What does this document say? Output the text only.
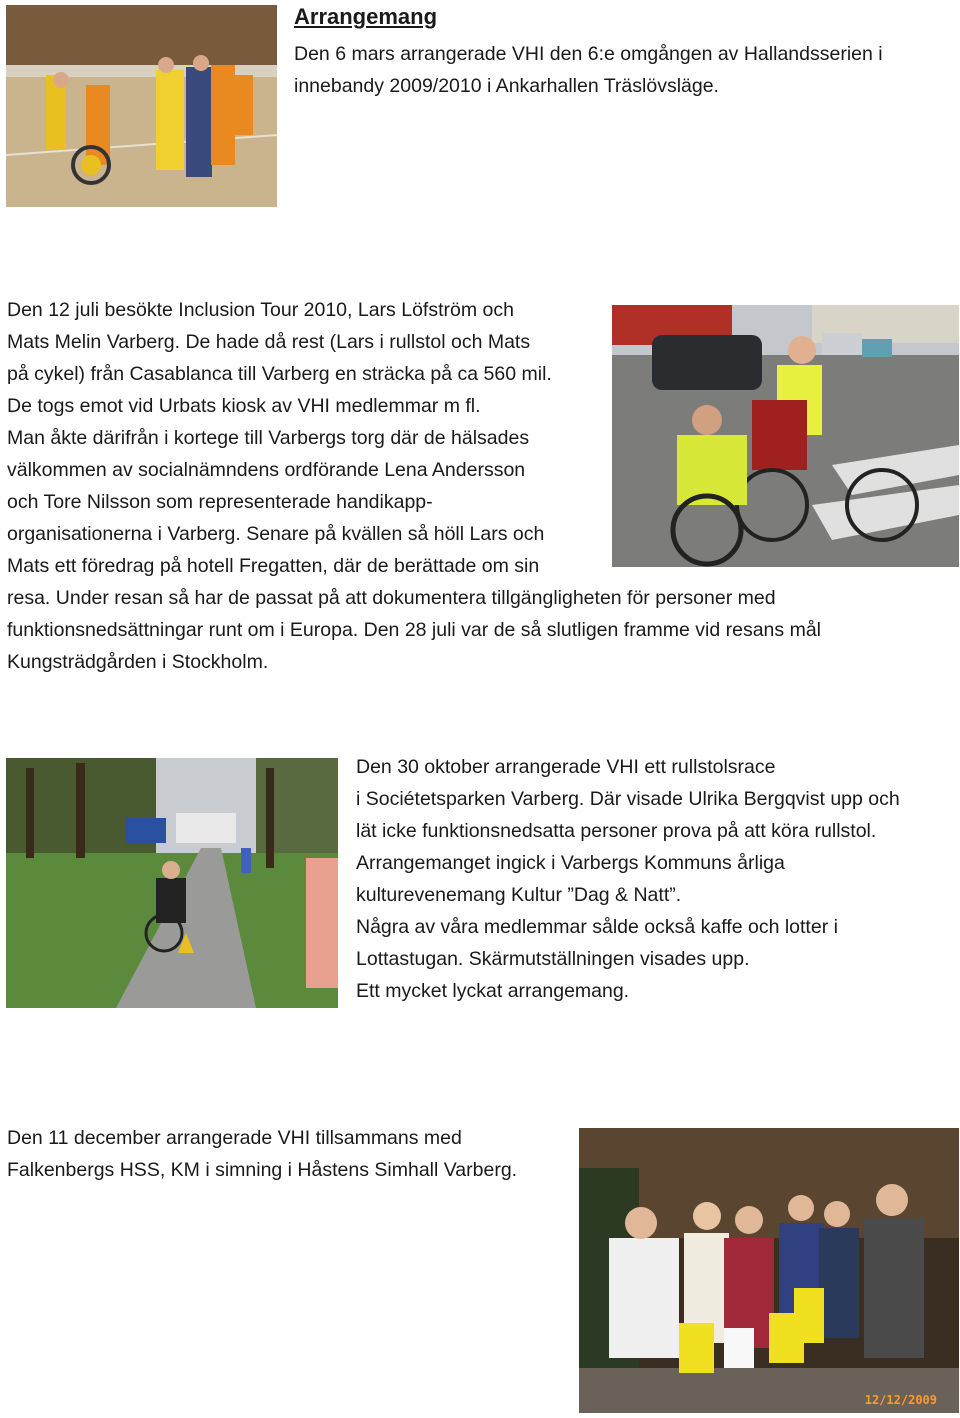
Arrangemang
Den 6 mars arrangerade VHI den 6:e omgången av Hallandsserien i
innebandy 2009/2010 i Ankarhallen Träslövsläge.
Den 12 juli besökte Inclusion Tour 2010, Lars Löfström och
Mats Melin Varberg. De hade då rest (Lars i rullstol och Mats
på cykel) från Casablanca till Varberg en sträcka på ca 560 mil.
De togs emot vid Urbats kiosk av VHI medlemmar m fl.
Man åkte därifrån i kortege till Varbergs torg där de hälsades
välkommen av socialnämndens ordförande Lena Andersson
och Tore Nilsson som representerade handikapp-
organisationerna i Varberg. Senare på kvällen så höll Lars och
Mats ett föredrag på hotell Fregatten, där de berättade om sin
resa. Under resan så har de passat på att dokumentera tillgängligheten för personer med
funktionsnedsättningar runt om i Europa. Den 28 juli var de så slutligen framme vid resans mål
Kungsträdgården i Stockholm.
Den 30 oktober arrangerade VHI ett rullstolsrace
i Sociétetsparken Varberg. Där visade Ulrika Bergqvist upp och
lät icke funktionsnedsatta personer prova på att köra rullstol.
Arrangemanget ingick i Varbergs Kommuns årliga
kulturevenemang Kultur ”Dag & Natt”.
Några av våra medlemmar sålde också kaffe och lotter i
Lottastugan. Skärmutställningen visades upp.
Ett mycket lyckat arrangemang.
Den 11 december arrangerade VHI tillsammans med
Falkenbergs HSS, KM i simning i Håstens Simhall Varberg.
12/12/2009
